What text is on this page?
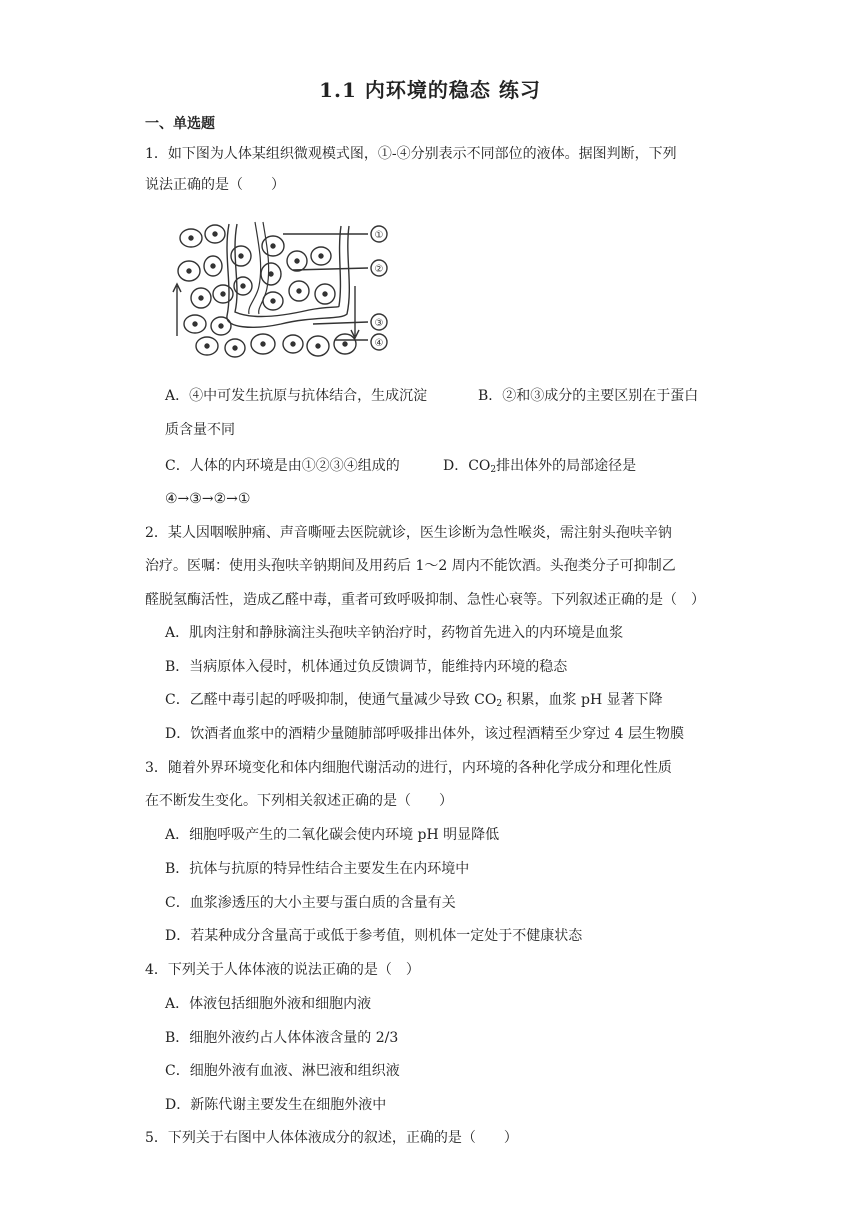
1.1 内环境的稳态 练习
一、单选题
1．如下图为人体某组织微观模式图，①-④分别表示不同部位的液体。据图判断，下列
说法正确的是（　　）
①
②
③
④
A．④中可发生抗原与抗体结合，生成沉淀	B．②和③成分的主要区别在于蛋白
质含量不同
C．人体的内环境是由①②③④组成的	D．$CO_2$排出体外的局部途径是
④→③→②→①
2．某人因咽喉肿痛、声音嘶哑去医院就诊，医生诊断为急性喉炎，需注射头孢呋辛钠
治疗。医嘱：使用头孢呋辛钠期间及用药后 1～2 周内不能饮酒。头孢类分子可抑制乙
醛脱氢酶活性，造成乙醛中毒，重者可致呼吸抑制、急性心衰等。下列叙述正确的是（　）
A．肌肉注射和静脉滴注头孢呋辛钠治疗时，药物首先进入的内环境是血浆
B．当病原体入侵时，机体通过负反馈调节，能维持内环境的稳态
C．乙醛中毒引起的呼吸抑制，使通气量减少导致 $CO_2$ 积累，血浆 pH 显著下降
D．饮酒者血浆中的酒精少量随肺部呼吸排出体外，该过程酒精至少穿过 4 层生物膜
3．随着外界环境变化和体内细胞代谢活动的进行，内环境的各种化学成分和理化性质
在不断发生变化。下列相关叙述正确的是（　　）
A．细胞呼吸产生的二氧化碳会使内环境 pH 明显降低
B．抗体与抗原的特异性结合主要发生在内环境中
C．血浆渗透压的大小主要与蛋白质的含量有关
D．若某种成分含量高于或低于参考值，则机体一定处于不健康状态
4．下列关于人体体液的说法正确的是（　）
A．体液包括细胞外液和细胞内液
B．细胞外液约占人体体液含量的 2/3
C．细胞外液有血液、淋巴液和组织液
D．新陈代谢主要发生在细胞外液中
5．下列关于右图中人体体液成分的叙述，正确的是（　　）
